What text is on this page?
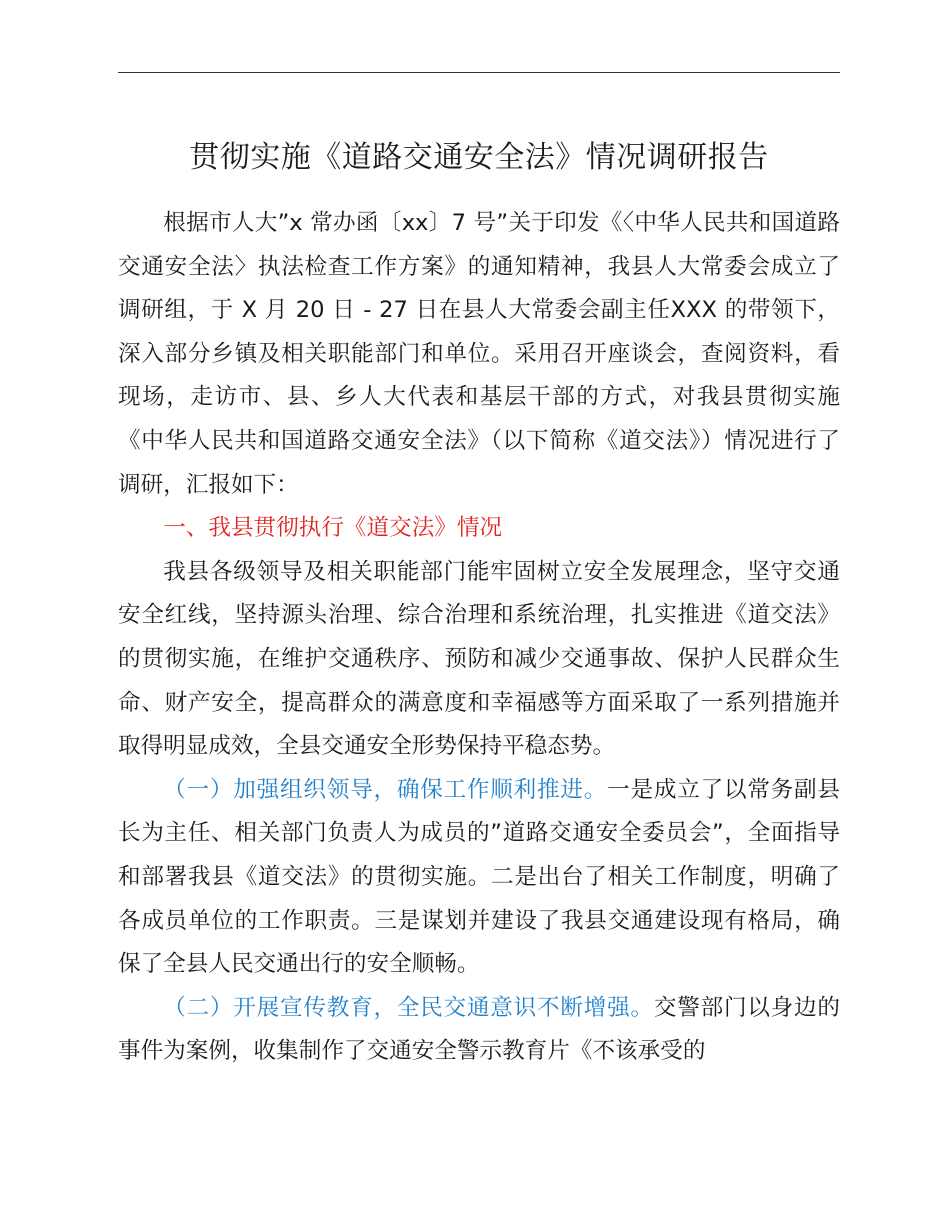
贯彻实施《道路交通安全法》情况调研报告

根据市人大”x 常办函〔xx〕7 号”关于印发《〈中华人民共和国道路交通安全法〉执法检查工作方案》的通知精神，我县人大常委会成立了调研组，于 X 月 20 日 - 27 日在县人大常委会副主任XXX 的带领下，深入部分乡镇及相关职能部门和单位。采用召开座谈会，查阅资料，看现场，走访市、县、乡人大代表和基层干部的方式，对我县贯彻实施《中华人民共和国道路交通安全法》（以下简称《道交法》）情况进行了调研，汇报如下：

一、我县贯彻执行《道交法》情况

我县各级领导及相关职能部门能牢固树立安全发展理念，坚守交通安全红线，坚持源头治理、综合治理和系统治理，扎实推进《道交法》的贯彻实施，在维护交通秩序、预防和减少交通事故、保护人民群众生命、财产安全，提高群众的满意度和幸福感等方面采取了一系列措施并取得明显成效，全县交通安全形势保持平稳态势。

（一）加强组织领导，确保工作顺利推进。一是成立了以常务副县长为主任、相关部门负责人为成员的”道路交通安全委员会”，全面指导和部署我县《道交法》的贯彻实施。二是出台了相关工作制度，明确了各成员单位的工作职责。三是谋划并建设了我县交通建设现有格局，确保了全县人民交通出行的安全顺畅。

（二）开展宣传教育，全民交通意识不断增强。交警部门以身边的事件为案例，收集制作了交通安全警示教育片《不该承受的
